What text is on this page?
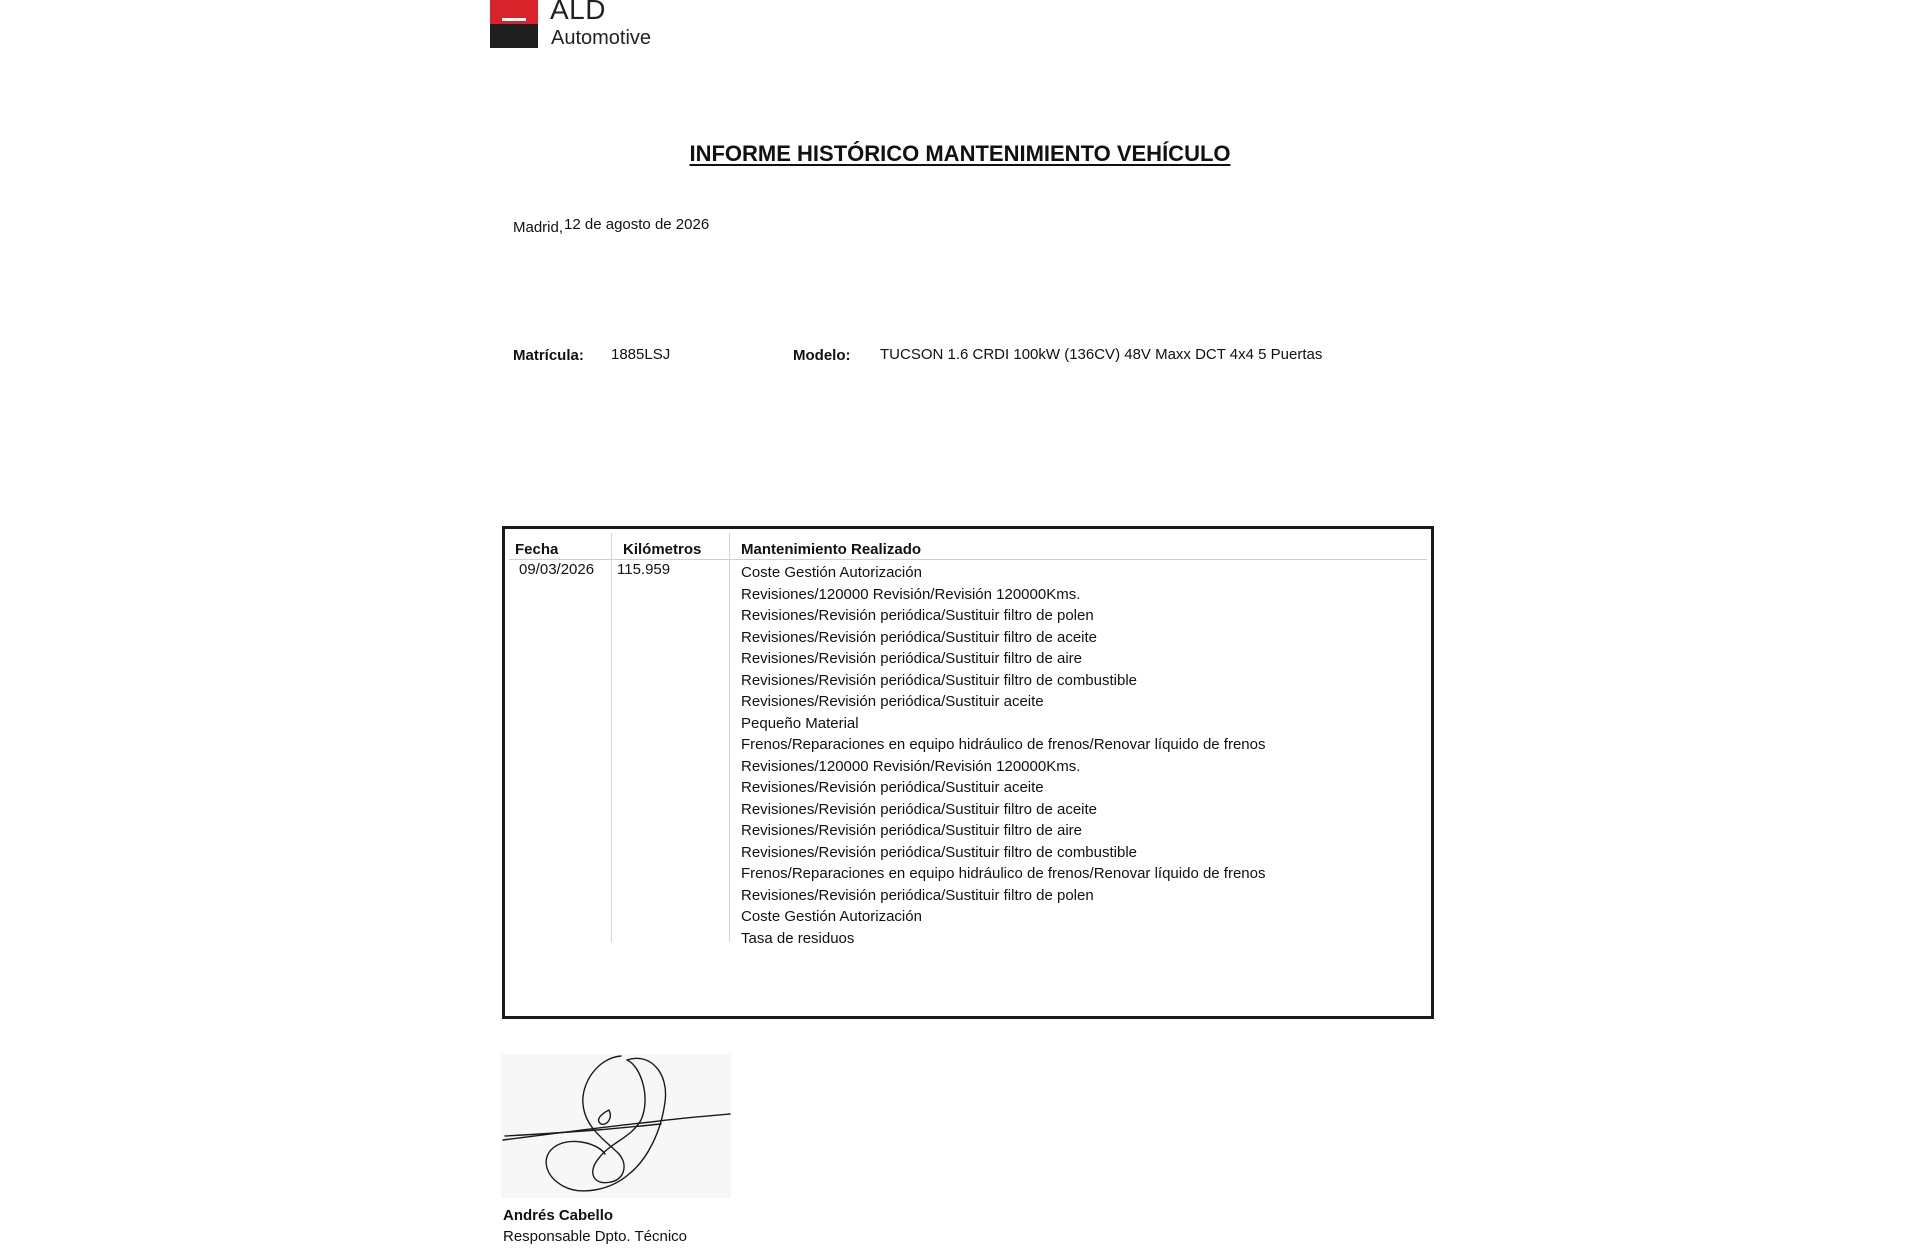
ALD
Automotive
INFORME HISTÓRICO MANTENIMIENTO VEHÍCULO
Madrid,12 de agosto de 2026
Matrícula: 1885LSJ	Modelo: TUCSON 1.6 CRDI 100kW (136CV) 48V Maxx DCT 4x4 5 Puertas
Fecha	Kilómetros	Mantenimiento Realizado
09/03/2026 115.959	Coste Gestión Autorización
Revisiones/120000 Revisión/Revisión 120000Kms.
Revisiones/Revisión periódica/Sustituir filtro de polen
Revisiones/Revisión periódica/Sustituir filtro de aceite
Revisiones/Revisión periódica/Sustituir filtro de aire
Revisiones/Revisión periódica/Sustituir filtro de combustible
Revisiones/Revisión periódica/Sustituir aceite
Pequeño Material
Frenos/Reparaciones en equipo hidráulico de frenos/Renovar líquido de frenos
Revisiones/120000 Revisión/Revisión 120000Kms.
Revisiones/Revisión periódica/Sustituir aceite
Revisiones/Revisión periódica/Sustituir filtro de aceite
Revisiones/Revisión periódica/Sustituir filtro de aire
Revisiones/Revisión periódica/Sustituir filtro de combustible
Frenos/Reparaciones en equipo hidráulico de frenos/Renovar líquido de frenos
Revisiones/Revisión periódica/Sustituir filtro de polen
Coste Gestión Autorización
Tasa de residuos
Andrés Cabello
Responsable Dpto. Técnico
